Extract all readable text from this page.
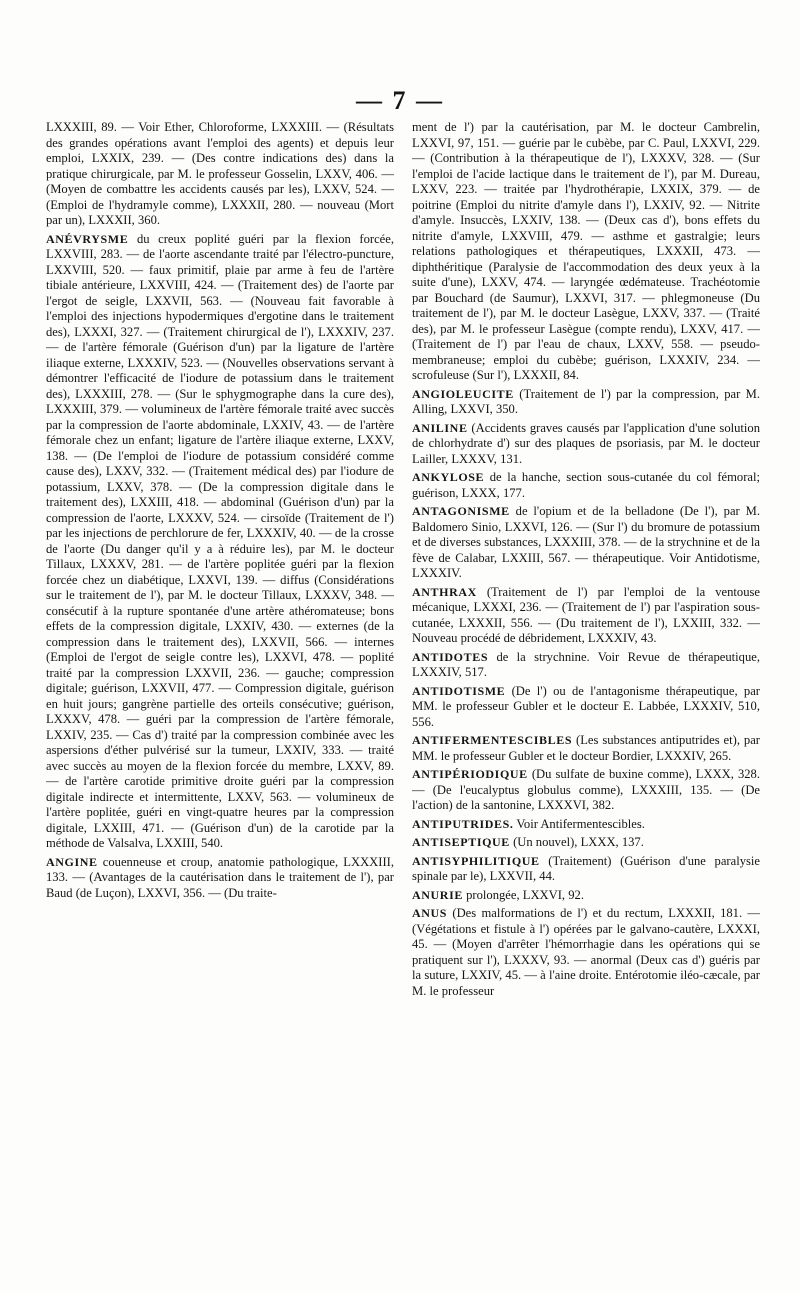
— 7 —

LXXXIII, 89. — Voir Ether, Chloroforme, LXXXIII. — (Résultats des grandes opérations avant l'emploi des agents) et depuis leur emploi, LXXIX, 239. — (Des contre indications des) dans la pratique chirurgicale, par M. le professeur Gosselin, LXXV, 406. — (Moyen de combattre les accidents causés par les), LXXV, 524. — (Emploi de l'hydramyle comme), LXXXII, 280. — nouveau (Mort par un), LXXXII, 360.

ANÉVRYSME du creux poplité guéri par la flexion forcée, LXXVIII, 283. — de l'aorte ascendante traité par l'électro-puncture, LXXVIII, 520. — faux primitif, plaie par arme à feu de l'artère tibiale antérieure, LXXVIII, 424. — (Traitement des) de l'aorte par l'ergot de seigle, LXXVII, 563. — (Nouveau fait favorable à l'emploi des injections hypodermiques d'ergotine dans le traitement des), LXXXI, 327. — (Traitement chirurgical de l'), LXXXIV, 237. — de l'artère fémorale (Guérison d'un) par la ligature de l'artère iliaque externe, LXXXIV, 523. — (Nouvelles observations servant à démontrer l'efficacité de l'iodure de potassium dans le traitement des), LXXXIII, 278. — (Sur le sphygmographe dans la cure des), LXXXIII, 379. — volumineux de l'artère fémorale traité avec succès par la compression de l'aorte abdominale, LXXIV, 43. — de l'artère fémorale chez un enfant; ligature de l'artère iliaque externe, LXXV, 138. — (De l'emploi de l'iodure de potassium considéré comme cause des), LXXV, 332. — (Traitement médical des) par l'iodure de potassium, LXXV, 378. — (De la compression digitale dans le traitement des), LXXIII, 418. — abdominal (Guérison d'un) par la compression de l'aorte, LXXXV, 524. — cirsoïde (Traitement de l') par les injections de perchlorure de fer, LXXXIV, 40. — de la crosse de l'aorte (Du danger qu'il y a à réduire les), par M. le docteur Tillaux, LXXXV, 281. — de l'artère poplitée guéri par la flexion forcée chez un diabétique, LXXVI, 139. — diffus (Considérations sur le traitement de l'), par M. le docteur Tillaux, LXXXV, 348. — consécutif à la rupture spontanée d'une artère athéromateuse; bons effets de la compression digitale, LXXIV, 430. — externes (de la compression dans le traitement des), LXXVII, 566. — internes (Emploi de l'ergot de seigle contre les), LXXVI, 478. — poplité traité par la compression LXXVII, 236. — gauche; compression digitale; guérison, LXXVII, 477. — Compression digitale, guérison en huit jours; gangrène partielle des orteils consécutive; guérison, LXXXV, 478. — guéri par la compression de l'artère fémorale, LXXIV, 235. — Cas d') traité par la compression combinée avec les aspersions d'éther pulvérisé sur la tumeur, LXXIV, 333. — traité avec succès au moyen de la flexion forcée du membre, LXXV, 89. — de l'artère carotide primitive droite guéri par la compression digitale indirecte et intermittente, LXXV, 563. — volumineux de l'artère poplitée, guéri en vingt-quatre heures par la compression digitale, LXXIII, 471. — (Guérison d'un) de la carotide par la méthode de Valsalva, LXXIII, 540.

ANGINE couenneuse et croup, anatomie pathologique, LXXXIII, 133. — (Avantages de la cautérisation dans le traitement de l'), par Baud (de Luçon), LXXVI, 356. — (Du traite-

ment de l') par la cautérisation, par M. le docteur Cambrelin, LXXVI, 97, 151. — guérie par le cubèbe, par C. Paul, LXXVI, 229. — (Contribution à la thérapeutique de l'), LXXXV, 328. — (Sur l'emploi de l'acide lactique dans le traitement de l'), par M. Dureau, LXXV, 223. — traitée par l'hydrothérapie, LXXIX, 379. — de poitrine (Emploi du nitrite d'amyle dans l'), LXXIV, 92. — Nitrite d'amyle. Insuccès, LXXIV, 138. — (Deux cas d'), bons effets du nitrite d'amyle, LXXVIII, 479. — asthme et gastralgie; leurs relations pathologiques et thérapeutiques, LXXXII, 473. — diphthéritique (Paralysie de l'accommodation des deux yeux à la suite d'une), LXXV, 474. — laryngée œdémateuse. Trachéotomie par Bouchard (de Saumur), LXXVI, 317. — phlegmoneuse (Du traitement de l'), par M. le docteur Lasègue, LXXV, 337. — (Traité des), par M. le professeur Lasègue (compte rendu), LXXV, 417. — (Traitement de l') par l'eau de chaux, LXXV, 558. — pseudo-membraneuse; emploi du cubèbe; guérison, LXXXIV, 234. — scrofuleuse (Sur l'), LXXXII, 84.

ANGIOLEUCITE (Traitement de l') par la compression, par M. Alling, LXXVI, 350.

ANILINE (Accidents graves causés par l'application d'une solution de chlorhydrate d') sur des plaques de psoriasis, par M. le docteur Lailler, LXXXV, 131.

ANKYLOSE de la hanche, section sous-cutanée du col fémoral; guérison, LXXX, 177.

ANTAGONISME de l'opium et de la belladone (De l'), par M. Baldomero Sinio, LXXVI, 126. — (Sur l') du bromure de potassium et de diverses substances, LXXXIII, 378. — de la strychnine et de la fève de Calabar, LXXIII, 567. — thérapeutique. Voir Antidotisme, LXXXIV.

ANTHRAX (Traitement de l') par l'emploi de la ventouse mécanique, LXXXI, 236. — (Traitement de l') par l'aspiration sous-cutanée, LXXXII, 556. — (Du traitement de l'), LXXIII, 332. — Nouveau procédé de débridement, LXXXIV, 43.

ANTIDOTES de la strychnine. Voir Revue de thérapeutique, LXXXIV, 517.

ANTIDOTISME (De l') ou de l'antagonisme thérapeutique, par MM. le professeur Gubler et le docteur E. Labbée, LXXXIV, 510, 556.

ANTIFERMENTESCIBLES (Les substances antiputrides et), par MM. le professeur Gubler et le docteur Bordier, LXXXIV, 265.

ANTIPÉRIODIQUE (Du sulfate de buxine comme), LXXX, 328. — (De l'eucalyptus globulus comme), LXXXIII, 135. — (De l'action) de la santonine, LXXXVI, 382.

ANTIPUTRIDES. Voir Antifermentescibles.

ANTISEPTIQUE (Un nouvel), LXXX, 137.

ANTISYPHILITIQUE (Traitement) (Guérison d'une paralysie spinale par le), LXXVII, 44.

ANURIE prolongée, LXXVI, 92.

ANUS (Des malformations de l') et du rectum, LXXXII, 181. — (Végétations et fistule à l') opérées par le galvano-cautère, LXXXI, 45. — (Moyen d'arrêter l'hémorrhagie dans les opérations qui se pratiquent sur l'), LXXXV, 93. — anormal (Deux cas d') guéris par la suture, LXXIV, 45. — à l'aine droite. Entérotomie iléo-cæcale, par M. le professeur
